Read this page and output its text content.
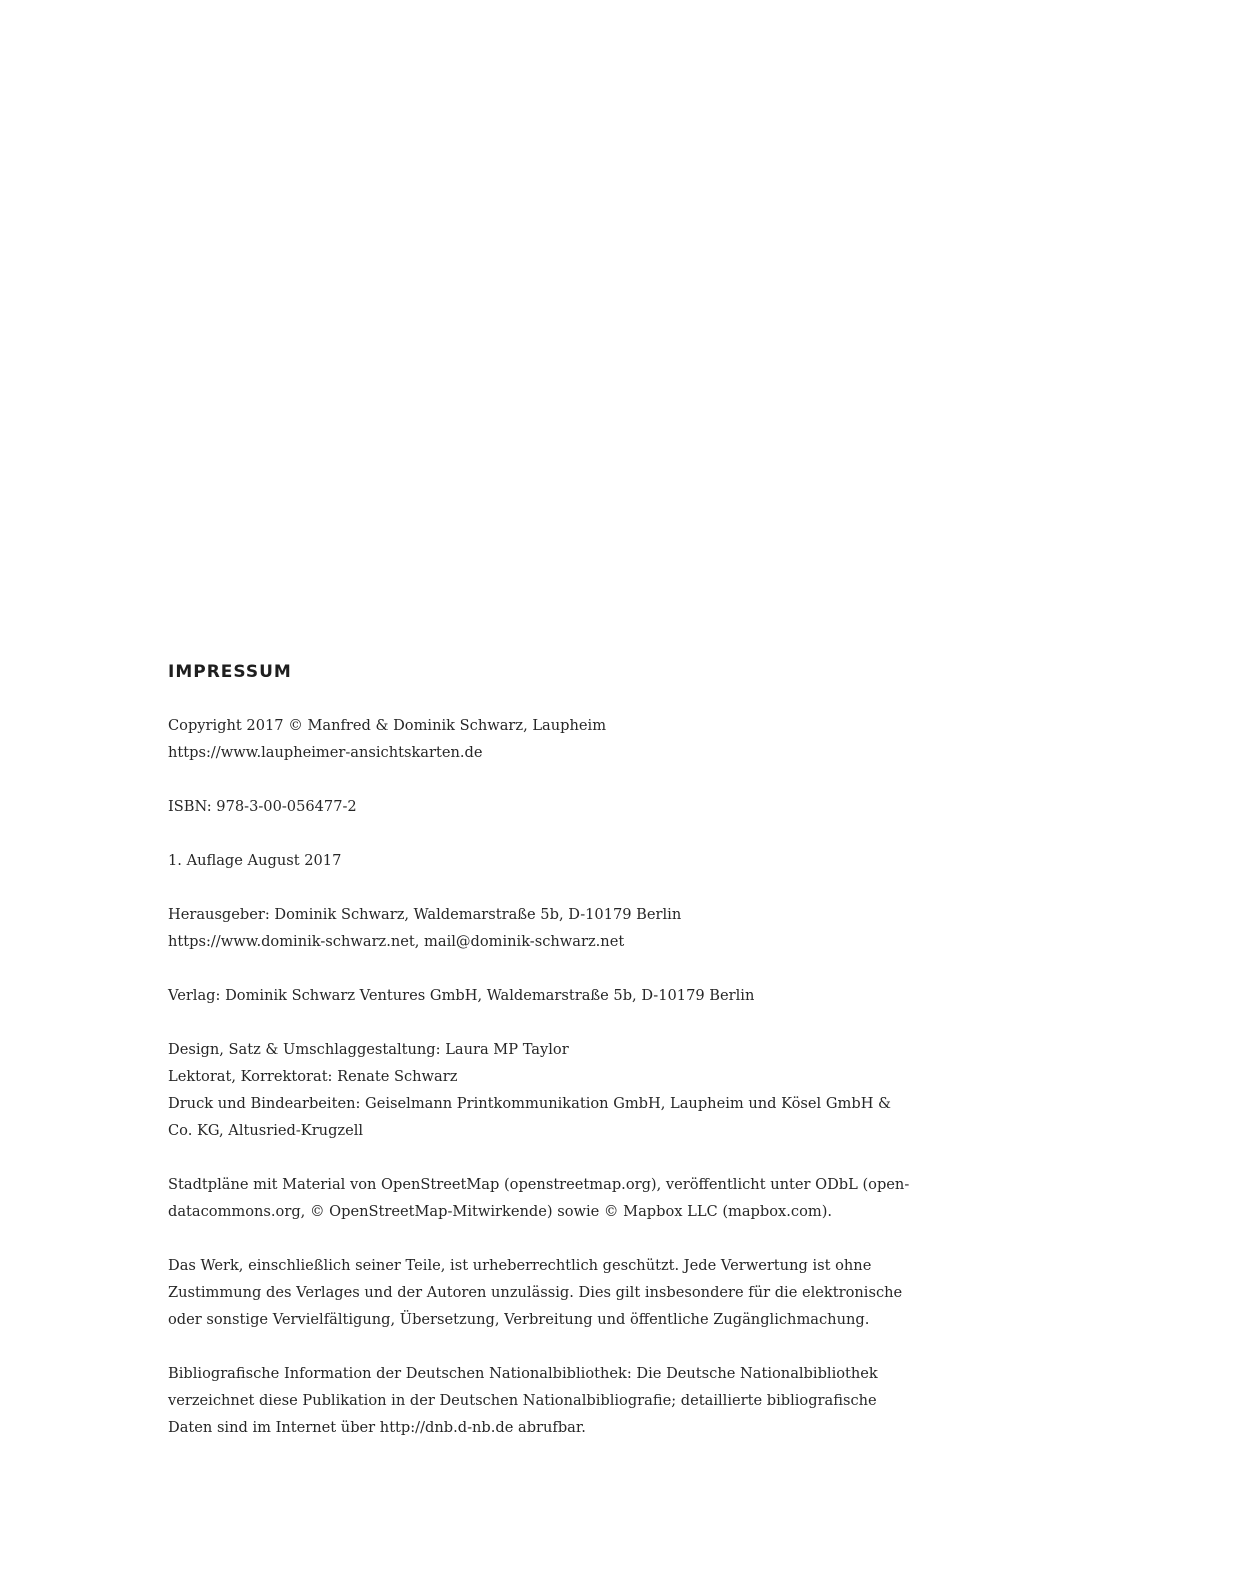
IMPRESSUM

Copyright 2017 © Manfred & Dominik Schwarz, Laupheim
https://www.laupheimer-ansichtskarten.de

ISBN: 978-3-00-056477-2

1. Auflage August 2017

Herausgeber: Dominik Schwarz, Waldemarstraße 5b, D-10179 Berlin
https://www.dominik-schwarz.net, mail@dominik-schwarz.net

Verlag: Dominik Schwarz Ventures GmbH, Waldemarstraße 5b, D-10179 Berlin

Design, Satz & Umschlaggestaltung: Laura MP Taylor
Lektorat, Korrektorat: Renate Schwarz
Druck und Bindearbeiten: Geiselmann Printkommunikation GmbH, Laupheim und Kösel GmbH &
Co. KG, Altusried-Krugzell

Stadtpläne mit Material von OpenStreetMap (openstreetmap.org), veröffentlicht unter ODbL (open-
datacommons.org, © OpenStreetMap-Mitwirkende) sowie © Mapbox LLC (mapbox.com).

Das Werk, einschließlich seiner Teile, ist urheberrechtlich geschützt. Jede Verwertung ist ohne
Zustimmung des Verlages und der Autoren unzulässig. Dies gilt insbesondere für die elektronische
oder sonstige Vervielfältigung, Übersetzung, Verbreitung und öffentliche Zugänglichmachung.

Bibliografische Information der Deutschen Nationalbibliothek: Die Deutsche Nationalbibliothek
verzeichnet diese Publikation in der Deutschen Nationalbibliografie; detaillierte bibliografische
Daten sind im Internet über http://dnb.d-nb.de abrufbar.
